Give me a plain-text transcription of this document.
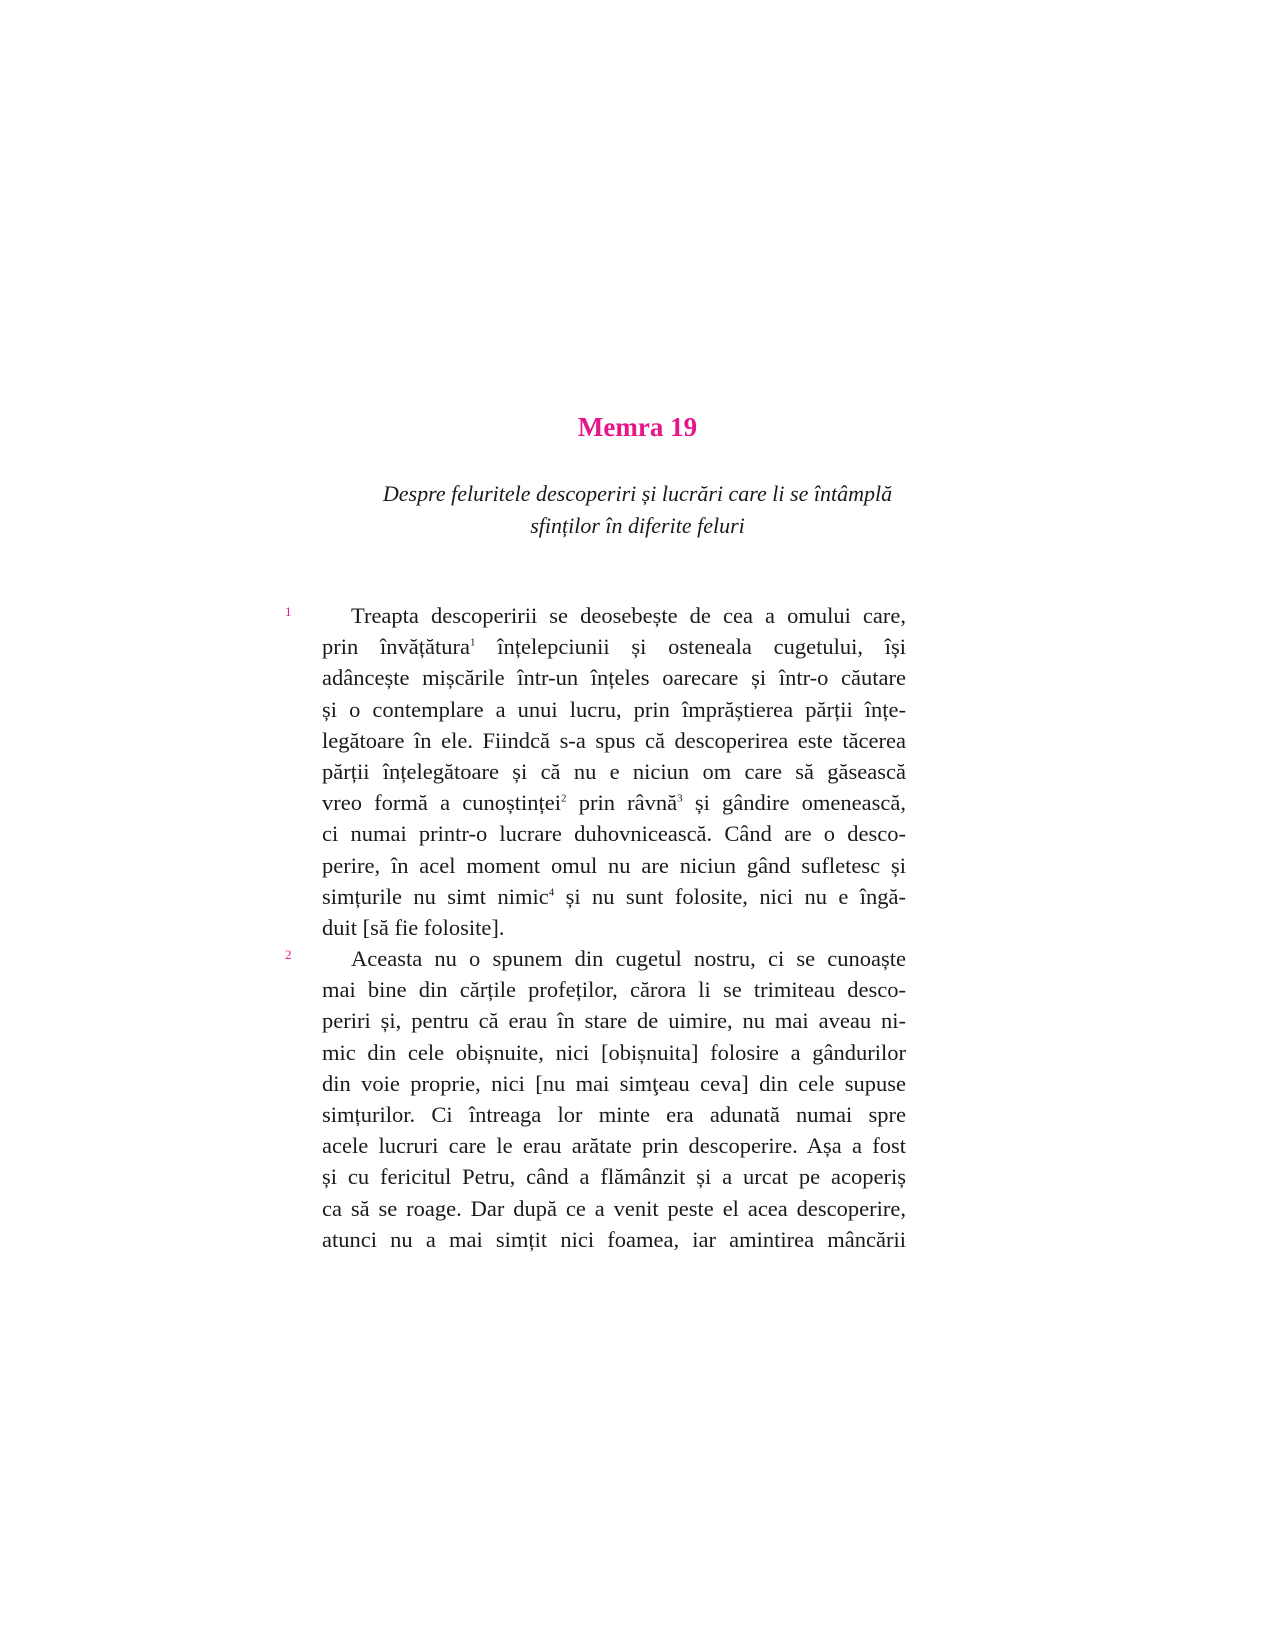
Memra 19
Despre feluritele descoperiri și lucrări care li se întâmplă
sfinților în diferite feluri
1	Treapta descoperirii se deosebește de cea a omului care,
prin învățătura$^1$ înțelepciunii și osteneala cugetului, își
adâncește mișcările într-un înțeles oarecare și într-o căutare
și o contemplare a unui lucru, prin împrăștierea părții înțe-
legătoare în ele. Fiindcă s-a spus că descoperirea este tăcerea
părții înțelegătoare și că nu e niciun om care să găsească
vreo formă a cunoștinței$^2$ prin râvnă$^3$ și gândire omenească,
ci numai printr-o lucrare duhovnicească. Când are o desco-
perire, în acel moment omul nu are niciun gând sufletesc și
simțurile nu simt nimic$^4$ și nu sunt folosite, nici nu e îngă-
duit [să fie folosite].
2	Aceasta nu o spunem din cugetul nostru, ci se cunoaște
mai bine din cărțile profeților, cărora li se trimiteau desco-
periri și, pentru că erau în stare de uimire, nu mai aveau ni-
mic din cele obișnuite, nici [obișnuita] folosire a gândurilor
din voie proprie, nici [nu mai simţeau ceva] din cele supuse
simțurilor. Ci întreaga lor minte era adunată numai spre
acele lucruri care le erau arătate prin descoperire. Așa a fost
și cu fericitul Petru, când a flămânzit și a urcat pe acoperiș
ca să se roage. Dar după ce a venit peste el acea descoperire,
atunci nu a mai simțit nici foamea, iar amintirea mâncării
